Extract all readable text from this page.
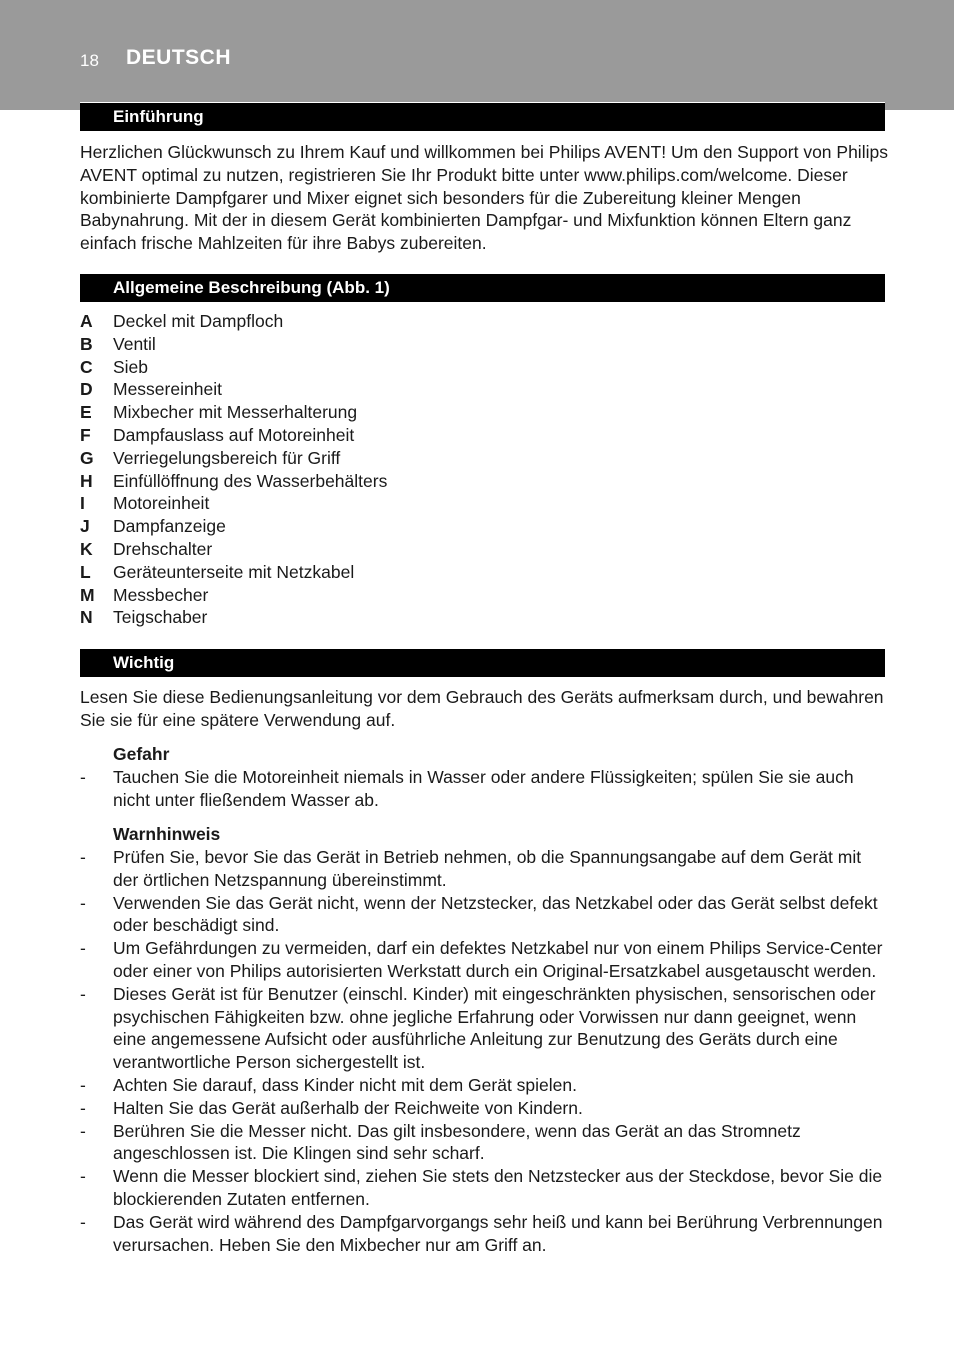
18 DEUTSCH
Einführung

Herzlichen Glückwunsch zu Ihrem Kauf und willkommen bei Philips AVENT! Um den Support von Philips AVENT optimal zu nutzen, registrieren Sie Ihr Produkt bitte unter www.philips.com/welcome. Dieser kombinierte Dampfgarer und Mixer eignet sich besonders für die Zubereitung kleiner Mengen Babynahrung. Mit der in diesem Gerät kombinierten Dampfgar- und Mixfunktion können Eltern ganz einfach frische Mahlzeiten für ihre Babys zubereiten.

Allgemeine Beschreibung (Abb. 1)
A Deckel mit Dampfloch
B Ventil
C Sieb
D Messereinheit
E Mixbecher mit Messerhalterung
F Dampfauslass auf Motoreinheit
G Verriegelungsbereich für Griff
H Einfüllöffnung des Wasserbehälters
I Motoreinheit
J Dampfanzeige
K Drehschalter
L Geräteunterseite mit Netzkabel
M Messbecher
N Teigschaber
Wichtig

Lesen Sie diese Bedienungsanleitung vor dem Gebrauch des Geräts aufmerksam durch, und bewahren Sie sie für eine spätere Verwendung auf.

Gefahr
- Tauchen Sie die Motoreinheit niemals in Wasser oder andere Flüssigkeiten; spülen Sie sie auch nicht unter fließendem Wasser ab.
Warnhinweis
- Prüfen Sie, bevor Sie das Gerät in Betrieb nehmen, ob die Spannungsangabe auf dem Gerät mit der örtlichen Netzspannung übereinstimmt.
- Verwenden Sie das Gerät nicht, wenn der Netzstecker, das Netzkabel oder das Gerät selbst defekt oder beschädigt sind.
- Um Gefährdungen zu vermeiden, darf ein defektes Netzkabel nur von einem Philips Service-Center oder einer von Philips autorisierten Werkstatt durch ein Original-Ersatzkabel ausgetauscht werden.
- Dieses Gerät ist für Benutzer (einschl. Kinder) mit eingeschränkten physischen, sensorischen oder psychischen Fähigkeiten bzw. ohne jegliche Erfahrung oder Vorwissen nur dann geeignet, wenn eine angemessene Aufsicht oder ausführliche Anleitung zur Benutzung des Geräts durch eine verantwortliche Person sichergestellt ist.
- Achten Sie darauf, dass Kinder nicht mit dem Gerät spielen.
- Halten Sie das Gerät außerhalb der Reichweite von Kindern.
- Berühren Sie die Messer nicht. Das gilt insbesondere, wenn das Gerät an das Stromnetz angeschlossen ist. Die Klingen sind sehr scharf.
- Wenn die Messer blockiert sind, ziehen Sie stets den Netzstecker aus der Steckdose, bevor Sie die blockierenden Zutaten entfernen.
- Das Gerät wird während des Dampfgarvorgangs sehr heiß und kann bei Berührung Verbrennungen verursachen. Heben Sie den Mixbecher nur am Griff an.
